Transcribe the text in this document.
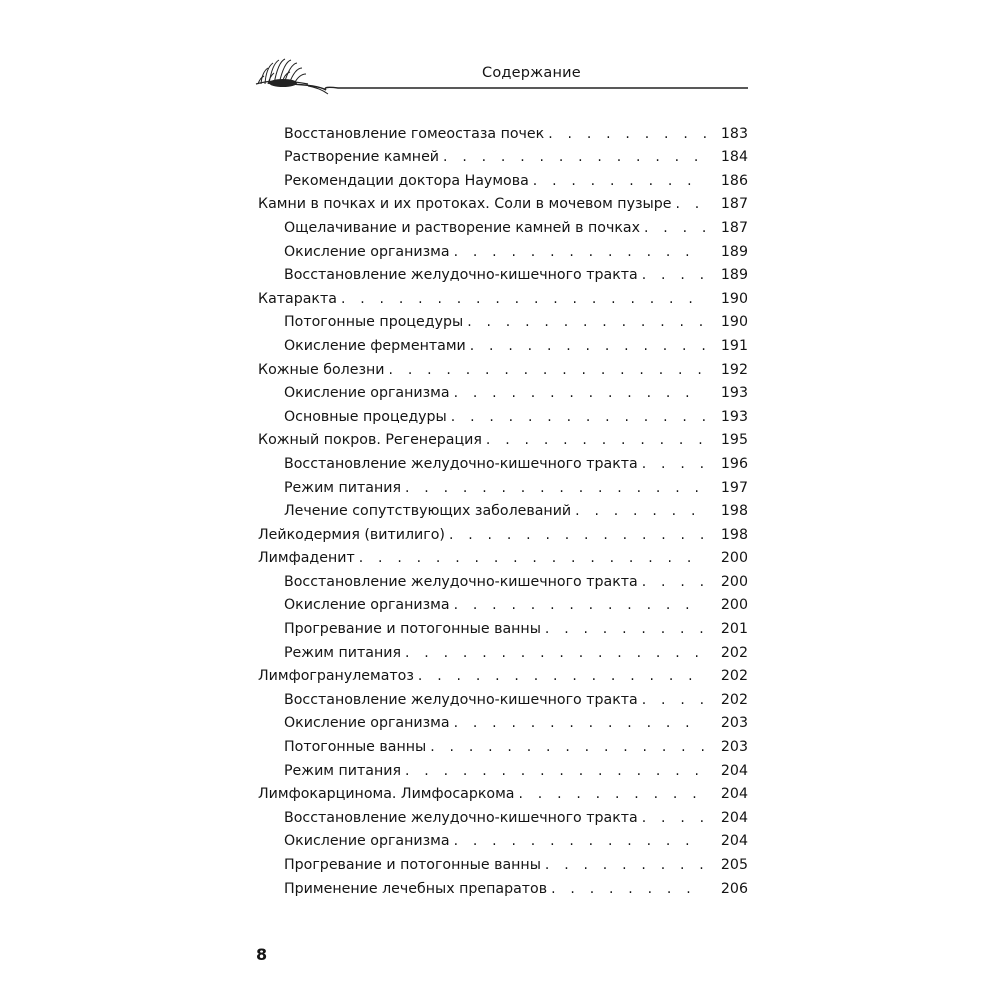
Содержание
Восстановление гомеостаза почек . . .	183
Растворение камней . . .	184
Рекомендации доктора Наумова . . .	186
Камни в почках и их протоках. Соли в мочевом пузыре . . .	187
Ощелачивание и растворение камней в почках . . .	187
Окисление организма . . .	189
Восстановление желудочно-кишечного тракта . . .	189
Катаракта . . .	190
Потогонные процедуры . . .	190
Окисление ферментами . . .	191
Кожные болезни . . .	192
Окисление организма . . .	193
Основные процедуры . . .	193
Кожный покров. Регенерация . . .	195
Восстановление желудочно-кишечного тракта . . .	196
Режим питания . . .	197
Лечение сопутствующих заболеваний . . .	198
Лейкодермия (витилиго) . . .	198
Лимфаденит . . .	200
Восстановление желудочно-кишечного тракта . . .	200
Окисление организма . . .	200
Прогревание и потогонные ванны . . .	201
Режим питания . . .	202
Лимфогранулематоз . . .	202
Восстановление желудочно-кишечного тракта . . .	202
Окисление организма . . .	203
Потогонные ванны . . .	203
Режим питания . . .	204
Лимфокарцинома. Лимфосаркома . . .	204
Восстановление желудочно-кишечного тракта . . .	204
Окисление организма . . .	204
Прогревание и потогонные ванны . . .	205
Применение лечебных препаратов . . .	206
8
